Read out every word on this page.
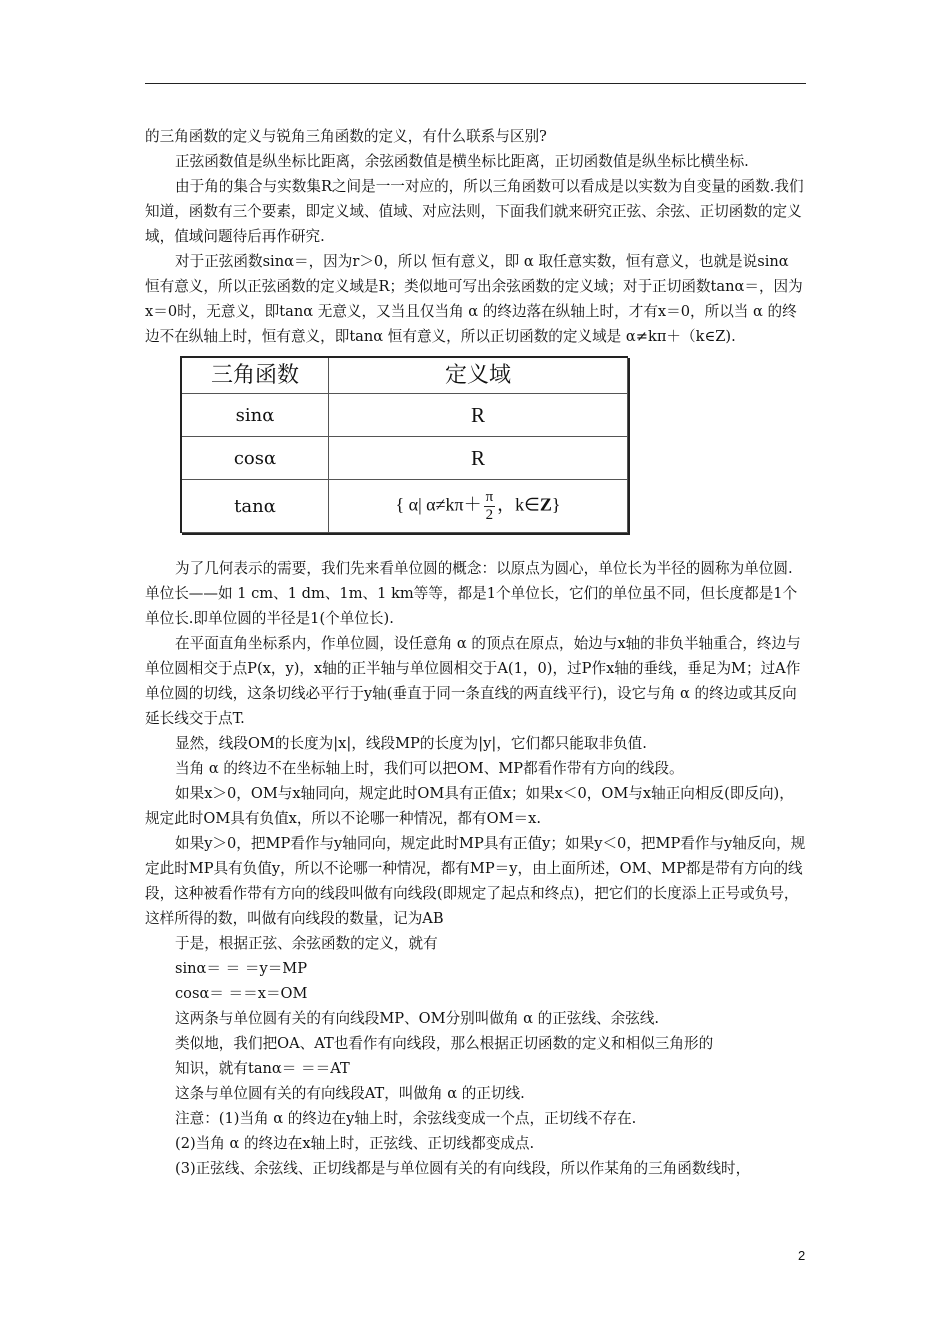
的三角函数的定义与锐角三角函数的定义，有什么联系与区别?

正弦函数值是纵坐标比距离，余弦函数值是横坐标比距离，正切函数值是纵坐标比横坐标.

由于角的集合与实数集R之间是一一对应的，所以三角函数可以看成是以实数为自变量的函数.我们知道，函数有三个要素，即定义域、值域、对应法则，下面我们就来研究正弦、余弦、正切函数的定义域，值域问题待后再作研究.

对于正弦函数sinα＝，因为r＞0，所以 恒有意义，即 α 取任意实数，恒有意义，也就是说sinα 恒有意义，所以正弦函数的定义域是R；类似地可写出余弦函数的定义域；对于正切函数tanα＝，因为x＝0时，无意义，即tanα 无意义，又当且仅当角 α 的终边落在纵轴上时，才有x＝0，所以当 α 的终边不在纵轴上时，恒有意义，即tanα 恒有意义，所以正切函数的定义域是 α≠kπ＋（k∈Z).

三角函数	定义域
sinα	R
cosα	R
tanα	{ α| $\alpha\ne k\pi+ \frac{\pi}{2}$ ，k∈Z}

为了几何表示的需要，我们先来看单位圆的概念：以原点为圆心，单位长为半径的圆称为单位圆.单位长——如 1 cm、1 dm、1m、1 km等等，都是1个单位长，它们的单位虽不同，但长度都是1个单位长.即单位圆的半径是1(个单位长).

在平面直角坐标系内，作单位圆，设任意角 α 的顶点在原点，始边与x轴的非负半轴重合，终边与单位圆相交于点P(x，y)，x轴的正半轴与单位圆相交于A(1，0)，过P作x轴的垂线，垂足为M；过A作单位圆的切线，这条切线必平行于y轴(垂直于同一条直线的两直线平行)，设它与角 α 的终边或其反向延长线交于点T.

显然，线段OM的长度为|x|，线段MP的长度为|y|，它们都只能取非负值.

当角 α 的终边不在坐标轴上时，我们可以把OM、MP都看作带有方向的线段。

如果x＞0，OM与x轴同向，规定此时OM具有正值x；如果x＜0，OM与x轴正向相反(即反向)，规定此时OM具有负值x，所以不论哪一种情况，都有OM＝x.

如果y＞0，把MP看作与y轴同向，规定此时MP具有正值y；如果y＜0，把MP看作与y轴反向，规定此时MP具有负值y，所以不论哪一种情况，都有MP＝y，由上面所述，OM、MP都是带有方向的线段，这种被看作带有方向的线段叫做有向线段(即规定了起点和终点)，把它们的长度添上正号或负号，这样所得的数，叫做有向线段的数量，记为AB

于是，根据正弦、余弦函数的定义，就有

sinα＝ ＝ ＝y＝MP

cosα＝ ＝＝x＝OM

这两条与单位圆有关的有向线段MP、OM分别叫做角 α 的正弦线、余弦线.

类似地，我们把OA、AT也看作有向线段，那么根据正切函数的定义和相似三角形的

知识，就有tanα＝ ＝＝AT

这条与单位圆有关的有向线段AT，叫做角 α 的正切线.

注意：(1)当角 α 的终边在y轴上时，余弦线变成一个点，正切线不存在.

(2)当角 α 的终边在x轴上时，正弦线、正切线都变成点.

(3)正弦线、余弦线、正切线都是与单位圆有关的有向线段，所以作某角的三角函数线时，

2
